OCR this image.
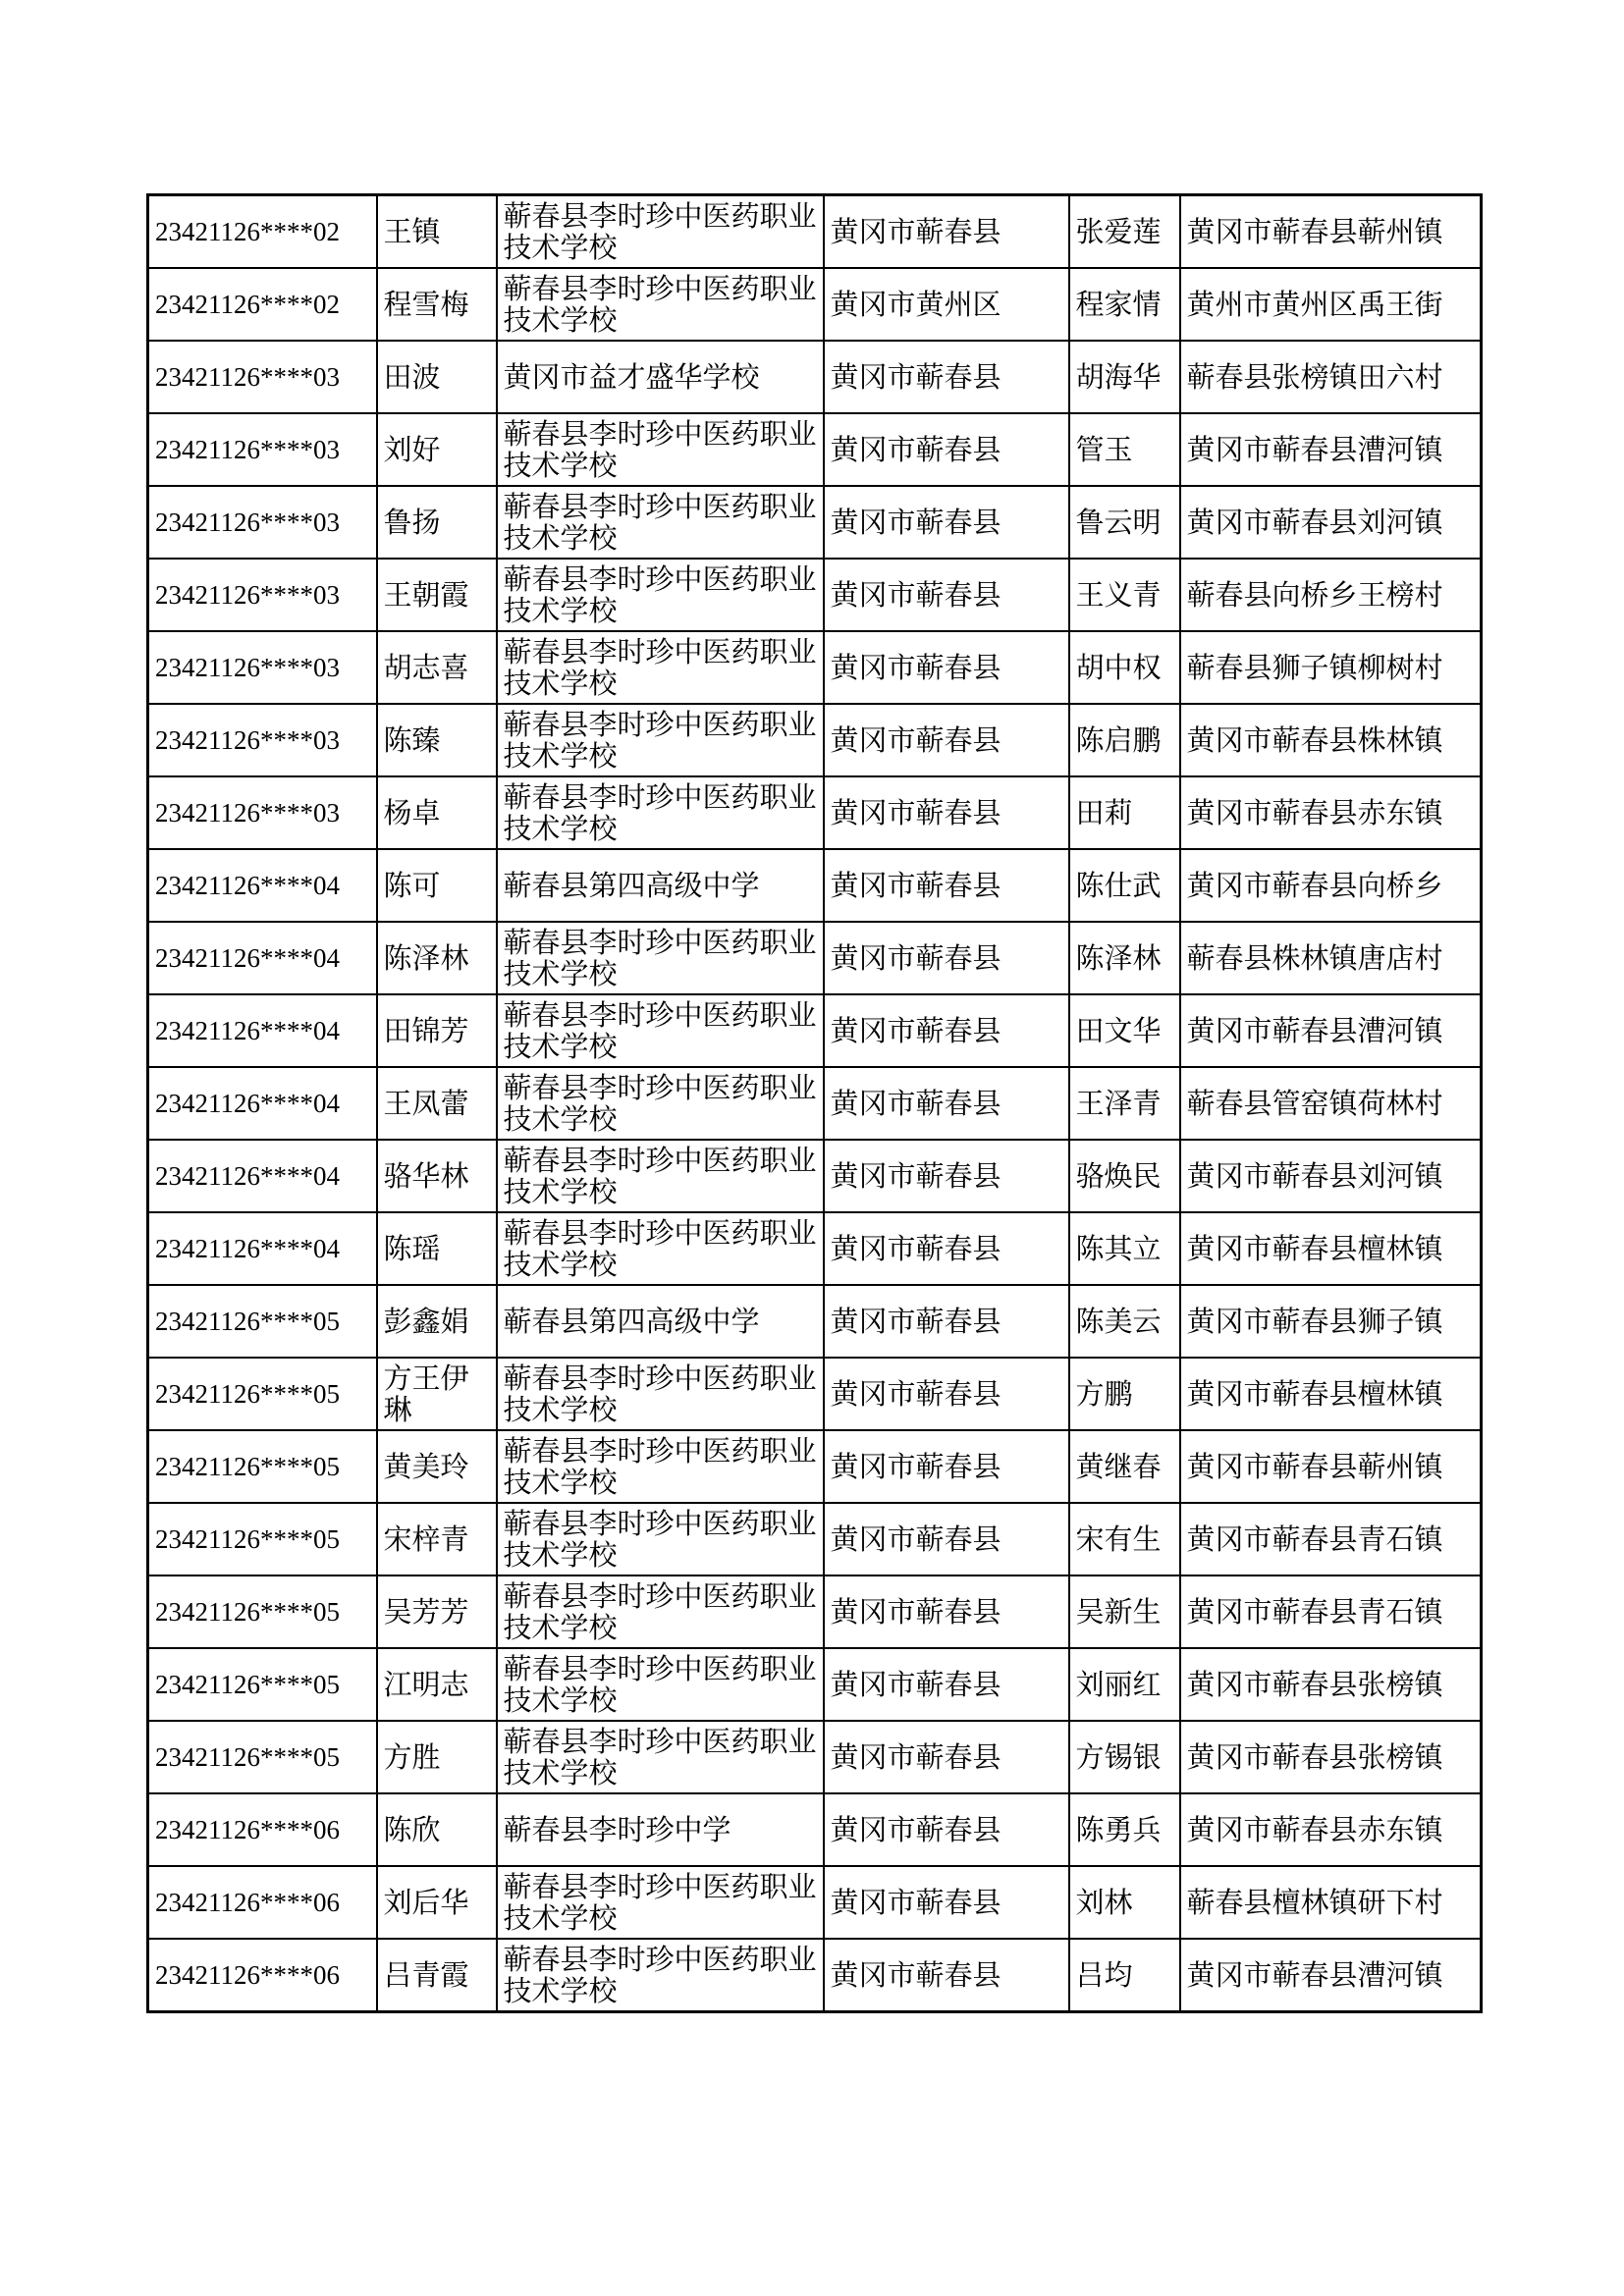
23421126****02	王镇	蕲春县李时珍中医药职业技术学校	黄冈市蕲春县	张爱莲	黄冈市蕲春县蕲州镇
23421126****02	程雪梅	蕲春县李时珍中医药职业技术学校	黄冈市黄州区	程家情	黄州市黄州区禹王街
23421126****03	田波	黄冈市益才盛华学校	黄冈市蕲春县	胡海华	蕲春县张榜镇田六村
23421126****03	刘好	蕲春县李时珍中医药职业技术学校	黄冈市蕲春县	管玉	黄冈市蕲春县漕河镇
23421126****03	鲁扬	蕲春县李时珍中医药职业技术学校	黄冈市蕲春县	鲁云明	黄冈市蕲春县刘河镇
23421126****03	王朝霞	蕲春县李时珍中医药职业技术学校	黄冈市蕲春县	王义青	蕲春县向桥乡王榜村
23421126****03	胡志喜	蕲春县李时珍中医药职业技术学校	黄冈市蕲春县	胡中权	蕲春县狮子镇柳树村
23421126****03	陈臻	蕲春县李时珍中医药职业技术学校	黄冈市蕲春县	陈启鹏	黄冈市蕲春县株林镇
23421126****03	杨卓	蕲春县李时珍中医药职业技术学校	黄冈市蕲春县	田莉	黄冈市蕲春县赤东镇
23421126****04	陈可	蕲春县第四高级中学	黄冈市蕲春县	陈仕武	黄冈市蕲春县向桥乡
23421126****04	陈泽林	蕲春县李时珍中医药职业技术学校	黄冈市蕲春县	陈泽林	蕲春县株林镇唐店村
23421126****04	田锦芳	蕲春县李时珍中医药职业技术学校	黄冈市蕲春县	田文华	黄冈市蕲春县漕河镇
23421126****04	王凤蕾	蕲春县李时珍中医药职业技术学校	黄冈市蕲春县	王泽青	蕲春县管窑镇荷林村
23421126****04	骆华林	蕲春县李时珍中医药职业技术学校	黄冈市蕲春县	骆焕民	黄冈市蕲春县刘河镇
23421126****04	陈瑶	蕲春县李时珍中医药职业技术学校	黄冈市蕲春县	陈其立	黄冈市蕲春县檀林镇
23421126****05	彭鑫娟	蕲春县第四高级中学	黄冈市蕲春县	陈美云	黄冈市蕲春县狮子镇
23421126****05	方王伊琳	蕲春县李时珍中医药职业技术学校	黄冈市蕲春县	方鹏	黄冈市蕲春县檀林镇
23421126****05	黄美玲	蕲春县李时珍中医药职业技术学校	黄冈市蕲春县	黄继春	黄冈市蕲春县蕲州镇
23421126****05	宋梓青	蕲春县李时珍中医药职业技术学校	黄冈市蕲春县	宋有生	黄冈市蕲春县青石镇
23421126****05	吴芳芳	蕲春县李时珍中医药职业技术学校	黄冈市蕲春县	吴新生	黄冈市蕲春县青石镇
23421126****05	江明志	蕲春县李时珍中医药职业技术学校	黄冈市蕲春县	刘丽红	黄冈市蕲春县张榜镇
23421126****05	方胜	蕲春县李时珍中医药职业技术学校	黄冈市蕲春县	方锡银	黄冈市蕲春县张榜镇
23421126****06	陈欣	蕲春县李时珍中学	黄冈市蕲春县	陈勇兵	黄冈市蕲春县赤东镇
23421126****06	刘后华	蕲春县李时珍中医药职业技术学校	黄冈市蕲春县	刘林	蕲春县檀林镇研下村
23421126****06	吕青霞	蕲春县李时珍中医药职业技术学校	黄冈市蕲春县	吕均	黄冈市蕲春县漕河镇
